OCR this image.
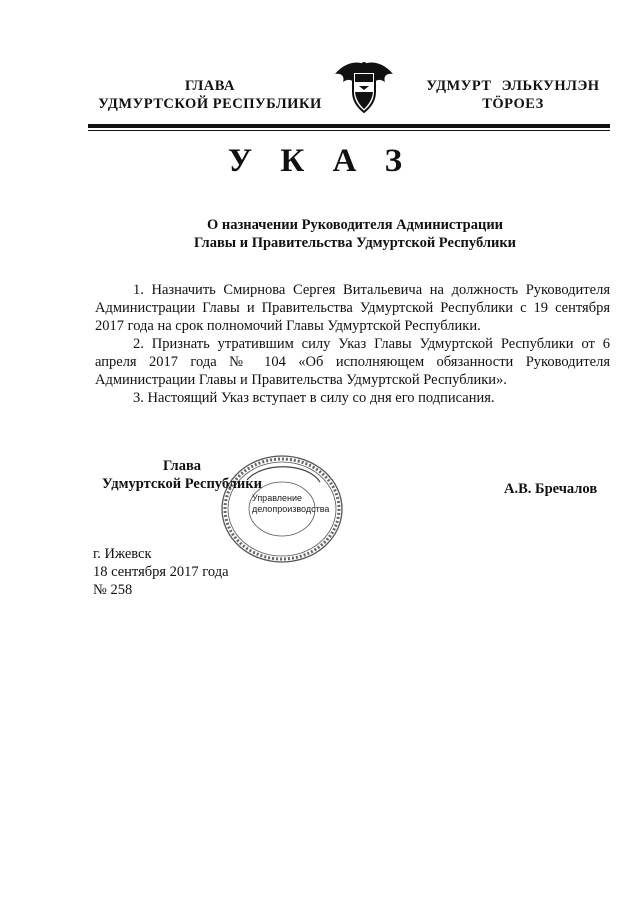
ГЛАВА
УДМУРТСКОЙ РЕСПУБЛИКИ
УДМУРТ ЭЛЬКУНЛЭН
ТӦРОЕЗ
У К А З
О назначении Руководителя Администрации
Главы и Правительства Удмуртской Республики

1. Назначить Смирнова Сергея Витальевича на должность Руководителя Администрации Главы и Правительства Удмуртской Республики с 19 сентября 2017 года на срок полномочий Главы Удмуртской Республики.

2. Признать утратившим силу Указ Главы Удмуртской Республики от 6 апреля 2017 года № 104 «Об исполняющем обязанности Руководителя Администрации Главы и Правительства Удмуртской Республики».

3. Настоящий Указ вступает в силу со дня его подписания.

Управление
делопроизводства
Глава
Удмуртской Республики	А.В. Бречалов
г. Ижевск
18 сентября 2017 года
№ 258
